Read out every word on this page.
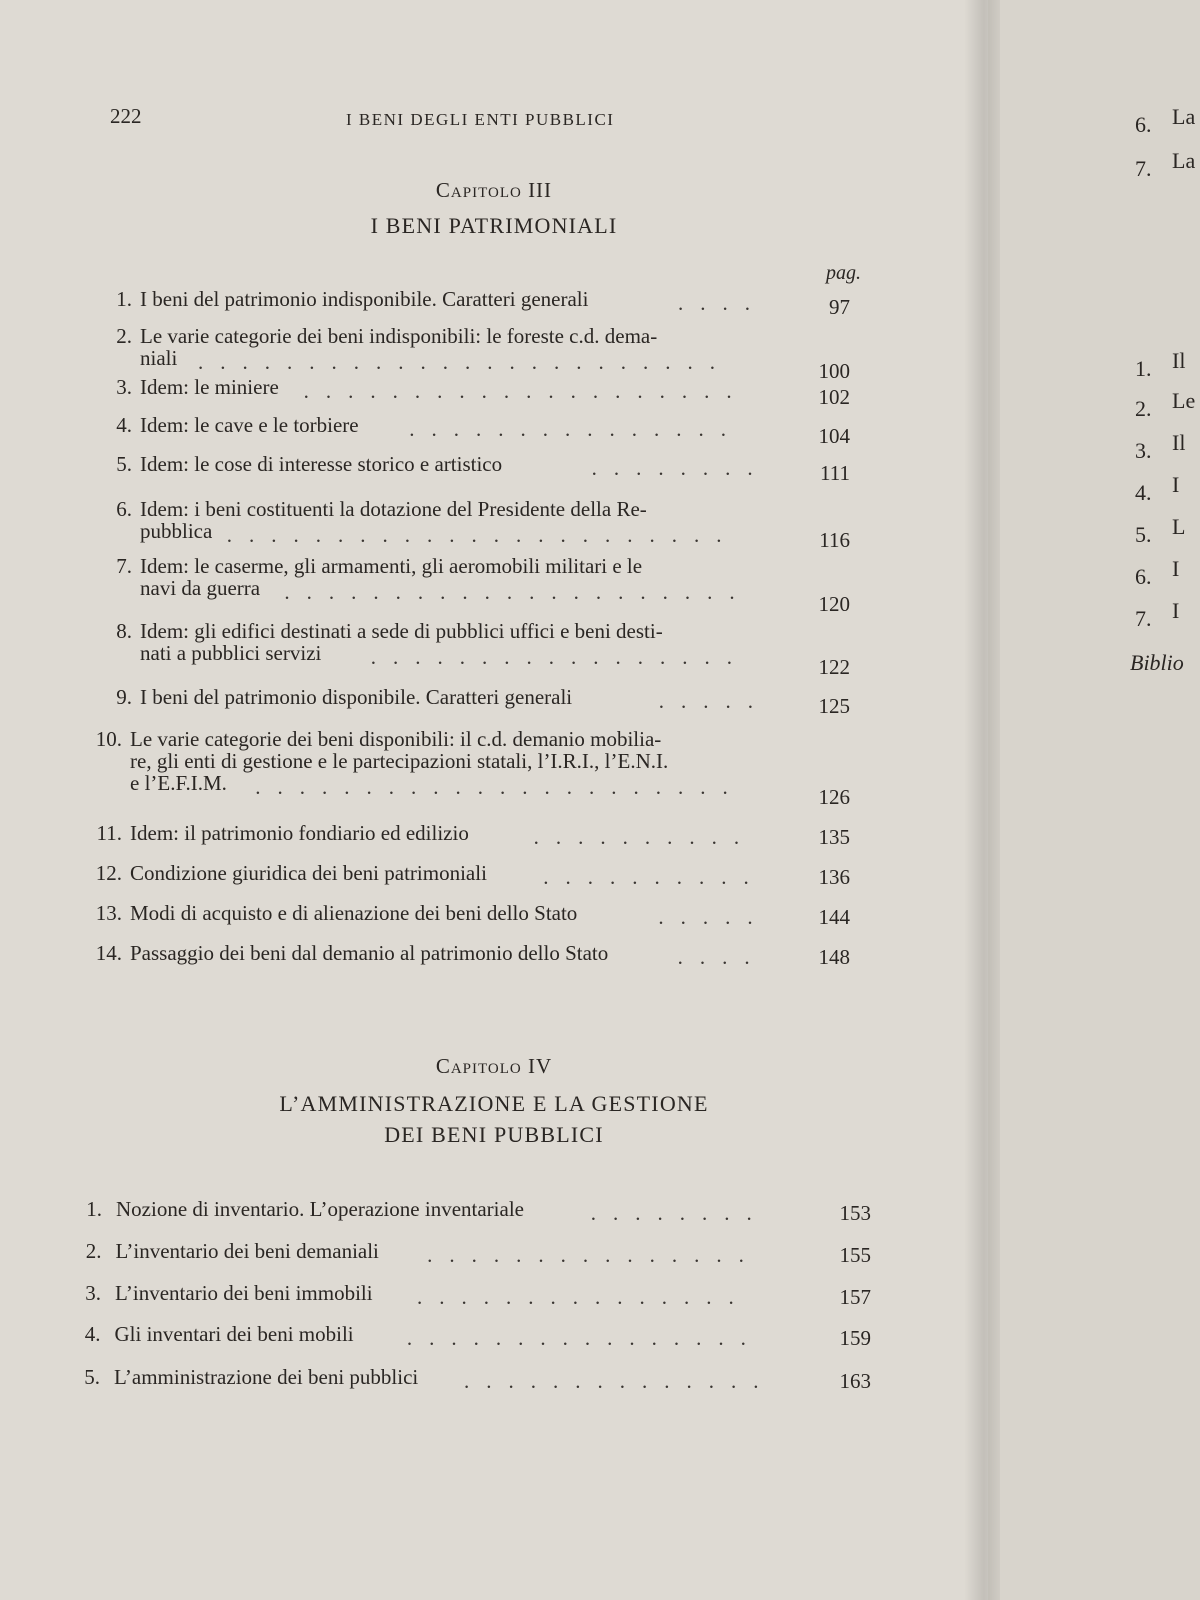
222	I BENI DEGLI ENTI PUBBLICI
Capitolo III
I BENI PATRIMONIALI
pag.
1. I beni del patrimonio indisponibile. Caratteri generali	....	97
2. Le varie categorie dei beni indisponibili: le foreste c.d. dema-
niali ........................	100
3. Idem: le miniere ....................	102
4. Idem: le cave e le torbiere ...............	104
5. Idem: le cose di interesse storico e artistico	........	111
6. Idem: i beni costituenti la dotazione del Presidente della Re-
pubblica .......................	116
7. Idem: le caserme, gli armamenti, gli aeromobili militari e le
navi da guerra .....................	120
8. Idem: gli edifici destinati a sede di pubblici uffici e beni desti-
nati a pubblici servizi .................	122
9. I beni del patrimonio disponibile. Caratteri generali	.....	125
10. Le varie categorie dei beni disponibili: il c.d. demanio mobilia-
re, gli enti di gestione e le partecipazioni statali, l’I.R.I., l’E.N.I.
e l’E.F.I.M. ......................	126
11. Idem: il patrimonio fondiario ed edilizio	..........	135
12. Condizione giuridica dei beni patrimoniali	..........	136
13. Modi di acquisto e di alienazione dei beni dello Stato	.....	144
14. Passaggio dei beni dal demanio al patrimonio dello Stato	....	148
Capitolo IV
L’AMMINISTRAZIONE E LA GESTIONE
DEI BENI PUBBLICI
1. Nozione di inventario. L’operazione inventariale	........	153
2. L’inventario dei beni demaniali ...............	155
3. L’inventario dei beni immobili ...............	157
4. Gli inventari dei beni mobili	................	159
5. L’amministrazione dei beni pubblici ..............	163
6. La
7. La
1. Il
2. Le
3. Il
4. I
5. L
6. I
7. I
Biblio
